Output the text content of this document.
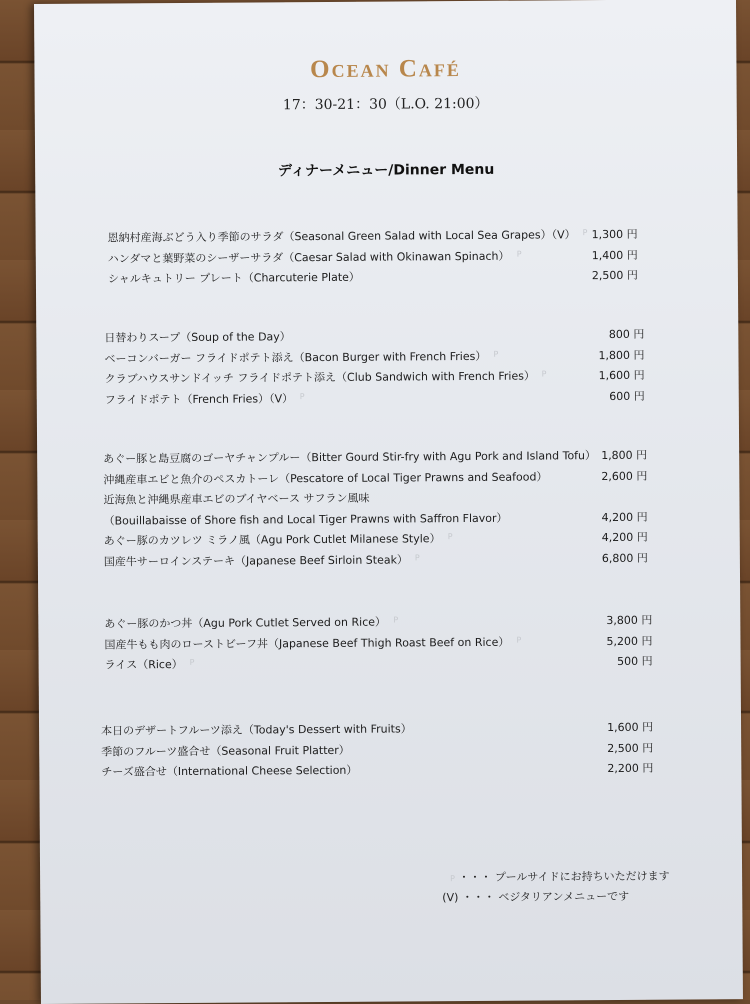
Ocean Café
17：30-21：30（L.O. 21:00）
ディナーメニュー/Dinner Menu
恩納村産海ぶどう入り季節のサラダ（Seasonal Green Salad with Local Sea Grapes）（V） P 1,300 円
ハンダマと葉野菜のシーザーサラダ（Caesar Salad with Okinawan Spinach） P	1,400 円
シャルキュトリー プレート（Charcuterie Plate）	2,500 円
日替わりスープ（Soup of the Day）	800 円
ベーコンバーガー フライドポテト添え（Bacon Burger with French Fries） P	1,800 円
クラブハウスサンドイッチ フライドポテト添え（Club Sandwich with French Fries） P	1,600 円
フライドポテト（French Fries）（V） P	600 円
あぐー豚と島豆腐のゴーヤチャンプルー（Bitter Gourd Stir-fry with Agu Pork and Island Tofu） 1,800 円
沖縄産車エビと魚介のペスカトーレ（Pescatore of Local Tiger Prawns and Seafood）	2,600 円
近海魚と沖縄県産車エビのブイヤベース サフラン風味
（Bouillabaisse of Shore fish and Local Tiger Prawns with Saffron Flavor）	4,200 円
あぐー豚のカツレツ ミラノ風（Agu Pork Cutlet Milanese Style） P	4,200 円
国産牛サーロインステーキ（Japanese Beef Sirloin Steak） P	6,800 円
あぐー豚のかつ丼（Agu Pork Cutlet Served on Rice） P	3,800 円
国産牛もも肉のローストビーフ丼（Japanese Beef Thigh Roast Beef on Rice） P	5,200 円
ライス（Rice） P	500 円
本日のデザートフルーツ添え（Today's Dessert with Fruits）	1,600 円
季節のフルーツ盛合せ（Seasonal Fruit Platter）	2,500 円
チーズ盛合せ（International Cheese Selection）	2,200 円
P ・・・ プールサイドにお持ちいただけます
(V) ・・・ ベジタリアンメニューです
